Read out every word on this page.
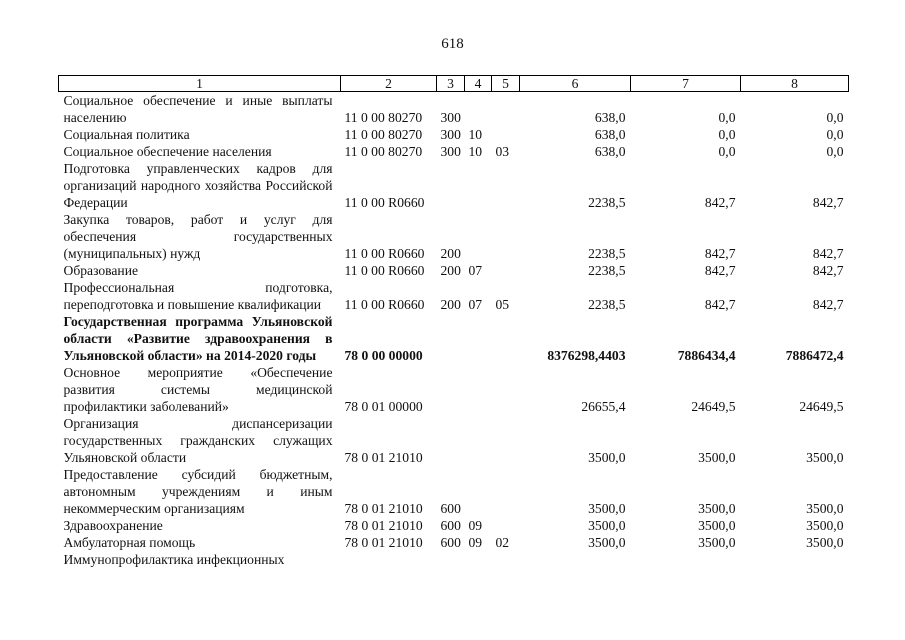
618
1	2	3	4	5	6	7	8
Социальное обеспечение и иные выплаты населению	11 0 00 80270	300			638,0	0,0	0,0
Социальная политика	11 0 00 80270	300	10		638,0	0,0	0,0
Социальное обеспечение населения	11 0 00 80270	300	10	03	638,0	0,0	0,0
Подготовка управленческих кадров для организаций народного хозяйства Российской Федерации	11 0 00 R0660				2238,5	842,7	842,7
Закупка товаров, работ и услуг для обеспечения государственных (муниципальных) нужд	11 0 00 R0660	200			2238,5	842,7	842,7
Образование	11 0 00 R0660	200	07		2238,5	842,7	842,7
Профессиональная подготовка, переподготовка и повышение квалификации	11 0 00 R0660	200	07	05	2238,5	842,7	842,7
Государственная программа Ульяновской области «Развитие здравоохранения в Ульяновской области» на 2014-2020 годы	78 0 00 00000				8376298,4403	7886434,4	7886472,4
Основное мероприятие «Обеспечение развития системы медицинской профилактики заболеваний»	78 0 01 00000				26655,4	24649,5	24649,5
Организация диспансеризации государственных гражданских служащих Ульяновской области	78 0 01 21010				3500,0	3500,0	3500,0
Предоставление субсидий бюджетным, автономным учреждениям и иным некоммерческим организациям	78 0 01 21010	600			3500,0	3500,0	3500,0
Здравоохранение	78 0 01 21010	600	09		3500,0	3500,0	3500,0
Амбулаторная помощь	78 0 01 21010	600	09	02	3500,0	3500,0	3500,0
Иммунопрофилактика инфекционных							
